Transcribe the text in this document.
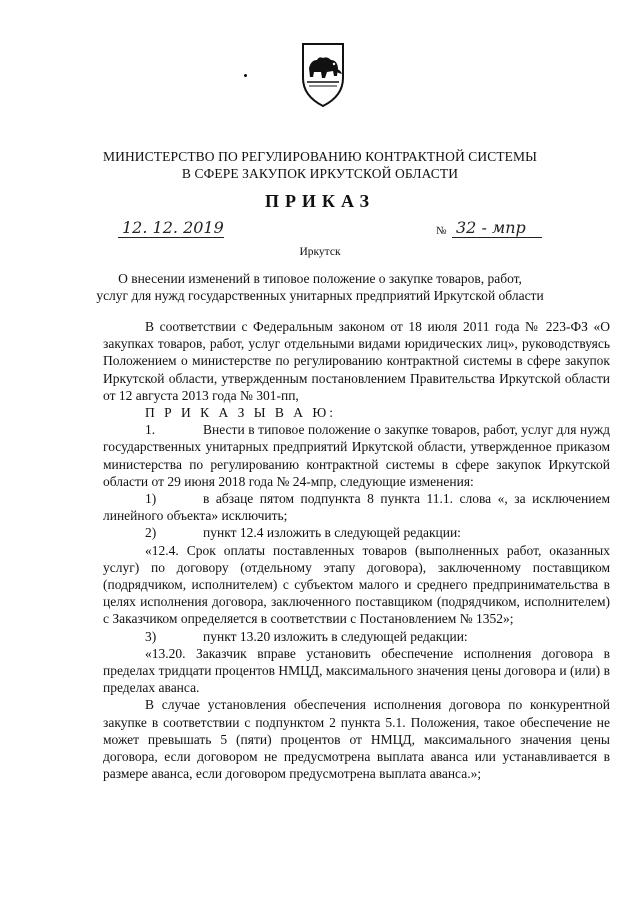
МИНИСТЕРСТВО ПО РЕГУЛИРОВАНИЮ КОНТРАКТНОЙ СИСТЕМЫ
В СФЕРЕ ЗАКУПОК ИРКУТСКОЙ ОБЛАСТИ
ПРИКАЗ
12. 12. 2019	№ 32 - мпр
Иркутск
О внесении изменений в типовое положение о закупке товаров, работ,
услуг для нужд государственных унитарных предприятий Иркутской области

В соответствии с Федеральным законом от 18 июля 2011 года № 223-ФЗ «О закупках товаров, работ, услуг отдельными видами юридических лиц», руководствуясь Положением о министерстве по регулированию контрактной системы в сфере закупок Иркутской области, утвержденным постановлением Правительства Иркутской области от 12 августа 2013 года № 301-пп,

П Р И К А З Ы В А Ю:

1.	Внести в типовое положение о закупке товаров, работ, услуг для нужд государственных унитарных предприятий Иркутской области, утвержденное приказом министерства по регулированию контрактной системы в сфере закупок Иркутской области от 29 июня 2018 года № 24-мпр, следующие изменения:

1)	в абзаце пятом подпункта 8 пункта 11.1. слова «, за исключением линейного объекта» исключить;

2)	пункт 12.4 изложить в следующей редакции:

«12.4. Срок оплаты поставленных товаров (выполненных работ, оказанных услуг) по договору (отдельному этапу договора), заключенному поставщиком (подрядчиком, исполнителем) с субъектом малого и среднего предпринимательства в целях исполнения договора, заключенного поставщиком (подрядчиком, исполнителем) с Заказчиком определяется в соответствии с Постановлением № 1352»;

3)	пункт 13.20 изложить в следующей редакции:

«13.20. Заказчик вправе установить обеспечение исполнения договора в пределах тридцати процентов НМЦД, максимального значения цены договора и (или) в пределах аванса.

В случае установления обеспечения исполнения договора по конкурентной закупке в соответствии с подпунктом 2 пункта 5.1. Положения, такое обеспечение не может превышать 5 (пяти) процентов от НМЦД, максимального значения цены договора, если договором не предусмотрена выплата аванса или устанавливается в размере аванса, если договором предусмотрена выплата аванса.»;
